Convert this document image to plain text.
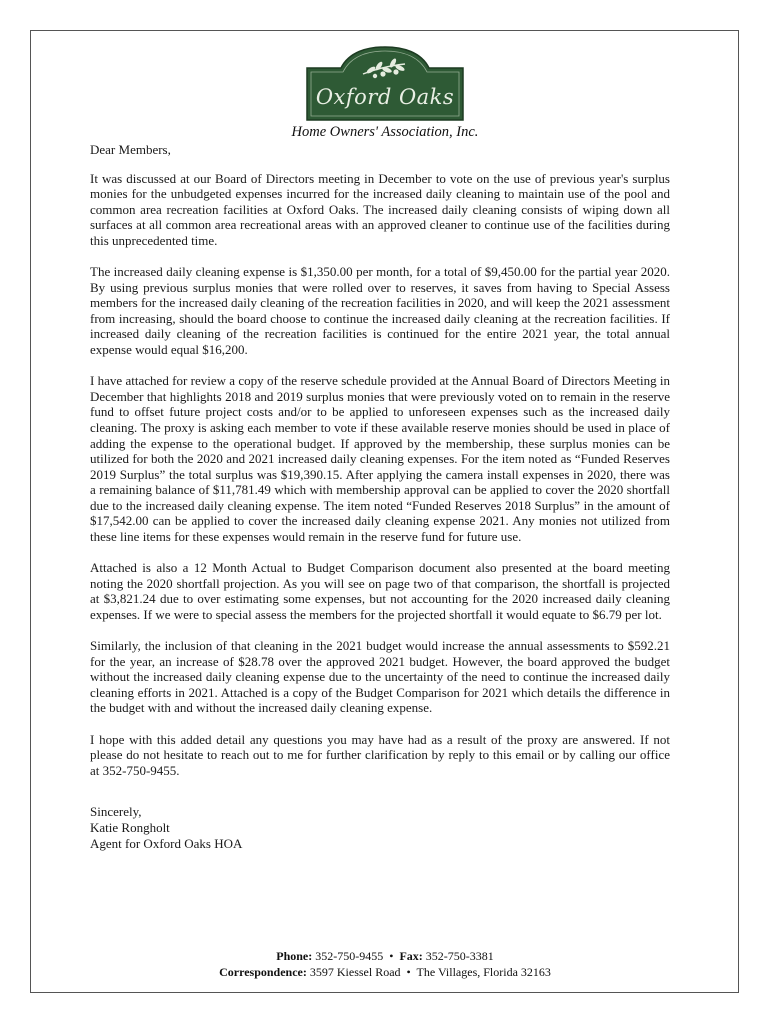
Oxford Oaks
Home Owners' Association, Inc.

Dear Members,

It was discussed at our Board of Directors meeting in December to vote on the use of previous year's surplus monies for the unbudgeted expenses incurred for the increased daily cleaning to maintain use of the pool and common area recreation facilities at Oxford Oaks. The increased daily cleaning consists of wiping down all surfaces at all common area recreational areas with an approved cleaner to continue use of the facilities during this unprecedented time.

The increased daily cleaning expense is $1,350.00 per month, for a total of $9,450.00 for the partial year 2020. By using previous surplus monies that were rolled over to reserves, it saves from having to Special Assess members for the increased daily cleaning of the recreation facilities in 2020, and will keep the 2021 assessment from increasing, should the board choose to continue the increased daily cleaning at the recreation facilities. If increased daily cleaning of the recreation facilities is continued for the entire 2021 year, the total annual expense would equal $16,200.

I have attached for review a copy of the reserve schedule provided at the Annual Board of Directors Meeting in December that highlights 2018 and 2019 surplus monies that were previously voted on to remain in the reserve fund to offset future project costs and/or to be applied to unforeseen expenses such as the increased daily cleaning. The proxy is asking each member to vote if these available reserve monies should be used in place of adding the expense to the operational budget. If approved by the membership, these surplus monies can be utilized for both the 2020 and 2021 increased daily cleaning expenses. For the item noted as “Funded Reserves 2019 Surplus” the total surplus was $19,390.15. After applying the camera install expenses in 2020, there was a remaining balance of $11,781.49 which with membership approval can be applied to cover the 2020 shortfall due to the increased daily cleaning expense. The item noted “Funded Reserves 2018 Surplus” in the amount of $17,542.00 can be applied to cover the increased daily cleaning expense 2021. Any monies not utilized from these line items for these expenses would remain in the reserve fund for future use.

Attached is also a 12 Month Actual to Budget Comparison document also presented at the board meeting noting the 2020 shortfall projection. As you will see on page two of that comparison, the shortfall is projected at $3,821.24 due to over estimating some expenses, but not accounting for the 2020 increased daily cleaning expenses. If we were to special assess the members for the projected shortfall it would equate to $6.79 per lot.

Similarly, the inclusion of that cleaning in the 2021 budget would increase the annual assessments to $592.21 for the year, an increase of $28.78 over the approved 2021 budget. However, the board approved the budget without the increased daily cleaning expense due to the uncertainty of the need to continue the increased daily cleaning efforts in 2021. Attached is a copy of the Budget Comparison for 2021 which details the difference in the budget with and without the increased daily cleaning expense.

I hope with this added detail any questions you may have had as a result of the proxy are answered. If not please do not hesitate to reach out to me for further clarification by reply to this email or by calling our office at 352-750-9455.

Sincerely,
Katie Rongholt
Agent for Oxford Oaks HOA
Phone: 352-750-9455 • Fax: 352-750-3381
Correspondence: 3597 Kiessel Road • The Villages, Florida 32163
